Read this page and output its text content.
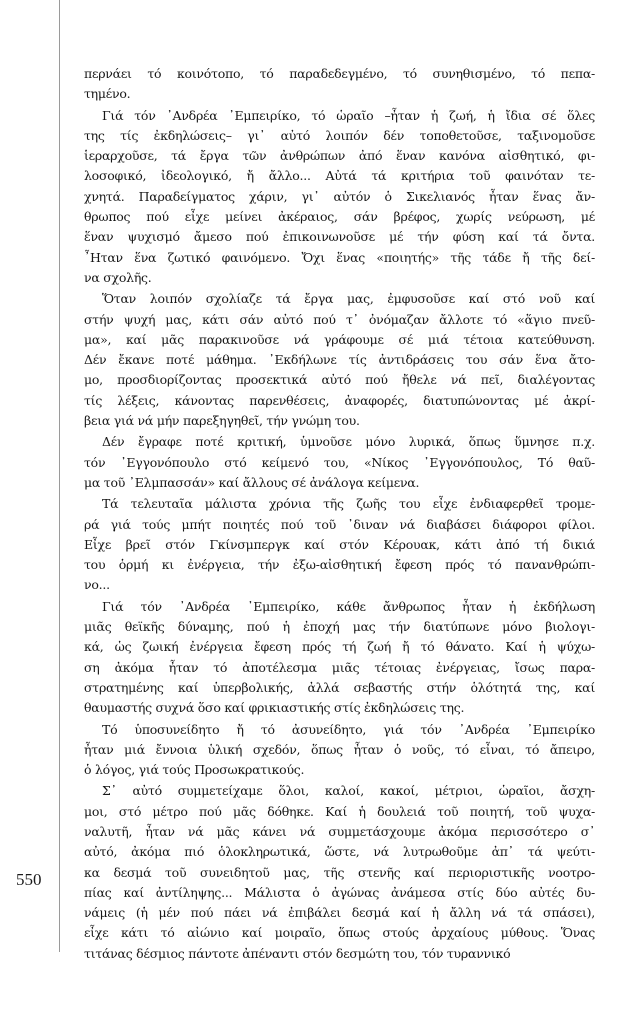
550
περνάει τό κοινότοπο, τό παραδεδεγμένο, τό συνηθισμένο, τό πεπα-
τημένο.
Γιά τόν ᾿Ανδρέα ᾿Εμπειρίκο, τό ὡραῖο –ἦταν ἡ ζωή, ἡ ἴδια σέ ὅλες
της τίς ἐκδηλώσεις– γι᾿ αὐτό λοιπόν δέν τοποθετοῦσε, ταξινομοῦσε
ἱεραρχοῦσε, τά ἔργα τῶν ἀνθρώπων ἀπό ἕναν κανόνα αἰσθητικό, φι-
λοσοφικό, ἰδεολογικό, ἤ ἄλλο... Αὐτά τά κριτήρια τοῦ φαινόταν τε-
χνητά. Παραδείγματος χάριν, γι᾿ αὐτόν ὁ Σικελιανός ἦταν ἕνας ἄν-
θρωπος πού εἶχε μείνει ἀκέραιος, σάν βρέφος, χωρίς νεύρωση, μέ
ἕναν ψυχισμό ἄμεσο πού ἐπικοινωνοῦσε μέ τήν φύση καί τά ὄντα.
῏Ηταν ἕνα ζωτικό φαινόμενο. Ὄχι ἕνας «ποιητής» τῆς τάδε ἤ τῆς δεί-
να σχολῆς.
Ὅταν λοιπόν σχολίαζε τά ἔργα μας, ἐμφυσοῦσε καί στό νοῦ καί
στήν ψυχή μας, κάτι σάν αὐτό πού τ᾿ ὀνόμαζαν ἄλλοτε τό «ἅγιο πνεῦ-
μα», καί μᾶς παρακινοῦσε νά γράφουμε σέ μιά τέτοια κατεύθυνση.
Δέν ἔκανε ποτέ μάθημα. ᾿Εκδήλωνε τίς ἀντιδράσεις του σάν ἕνα ἄτο-
μο, προσδιορίζοντας προσεκτικά αὐτό πού ἤθελε νά πεῖ, διαλέγοντας
τίς λέξεις, κάνοντας παρενθέσεις, ἀναφορές, διατυπώνοντας μέ ἀκρί-
βεια γιά νά μήν παρεξηγηθεῖ, τήν γνώμη του.
Δέν ἔγραφε ποτέ κριτική, ὑμνοῦσε μόνο λυρικά, ὅπως ὕμνησε π.χ.
τόν ᾿Εγγονόπουλο στό κείμενό του, «Νίκος ᾿Εγγονόπουλος, Τό θαῦ-
μα τοῦ ᾿Ελμπασσάν» καί ἄλλους σέ ἀνάλογα κείμενα.
Τά τελευταῖα μάλιστα χρόνια τῆς ζωῆς του εἶχε ἐνδιαφερθεῖ τρομε-
ρά γιά τούς μπήτ ποιητές πού τοῦ ᾿διναν νά διαβάσει διάφοροι φίλοι.
Εἶχε βρεῖ στόν Γκίνσμπεργκ καί στόν Κέρουακ, κάτι ἀπό τή δικιά
του ὁρμή κι ἐνέργεια, τήν ἐξω-αἰσθητική ἔφεση πρός τό πανανθρώπι-
νο...
Γιά τόν ᾿Ανδρέα ᾿Εμπειρίκο, κάθε ἄνθρωπος ἦταν ἡ ἐκδήλωση
μιᾶς θεϊκῆς δύναμης, πού ἡ ἐποχή μας τήν διατύπωνε μόνο βιολογι-
κά, ὡς ζωική ἐνέργεια ἔφεση πρός τή ζωή ἤ τό θάνατο. Καί ἡ ψύχω-
ση ἀκόμα ἦταν τό ἀποτέλεσμα μιᾶς τέτοιας ἐνέργειας, ἴσως παρα-
στρατημένης καί ὑπερβολικής, ἀλλά σεβαστής στήν ὁλότητά της, καί
θαυμαστής συχνά ὅσο καί φρικιαστικής στίς ἐκδηλώσεις της.
Τό ὑποσυνείδητο ἤ τό ἀσυνείδητο, γιά τόν ᾿Ανδρέα ᾿Εμπειρίκο
ἦταν μιά ἔννοια ὑλική σχεδόν, ὅπως ἦταν ὁ νοῦς, τό εἶναι, τό ἄπειρο,
ὁ λόγος, γιά τούς Προσωκρατικούς.
Σ᾿ αὐτό συμμετείχαμε ὅλοι, καλοί, κακοί, μέτριοι, ὡραῖοι, ἄσχη-
μοι, στό μέτρο πού μᾶς δόθηκε. Καί ἡ δουλειά τοῦ ποιητή, τοῦ ψυχα-
ναλυτῆ, ἦταν νά μᾶς κάνει νά συμμετάσχουμε ἀκόμα περισσότερο σ᾿
αὐτό, ἀκόμα πιό ὁλοκληρωτικά, ὥστε, νά λυτρωθοῦμε ἀπ᾿ τά ψεύτι-
κα δεσμά τοῦ συνειδητοῦ μας, τῆς στενῆς καί περιοριστικῆς νοοτρο-
πίας καί ἀντίληψης... Μάλιστα ὁ ἀγώνας ἀνάμεσα στίς δύο αὐτές δυ-
νάμεις (ἡ μέν πού πάει νά ἐπιβάλει δεσμά καί ἡ ἄλλη νά τά σπάσει),
εἶχε κάτι τό αἰώνιο καί μοιραῖο, ὅπως στούς ἀρχαίους μύθους. Ὅνας
τιτάνας δέσμιος πάντοτε ἀπέναντι στόν δεσμώτη του, τόν τυραννικό
